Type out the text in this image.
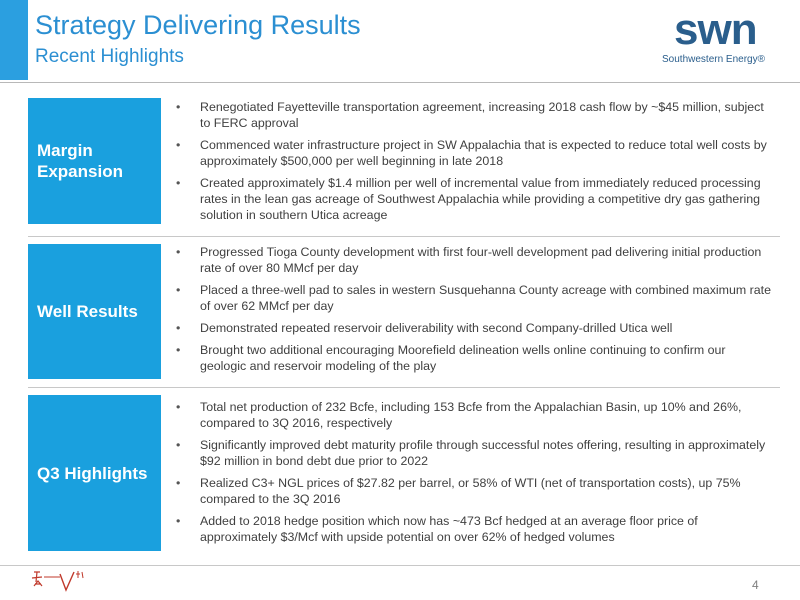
Strategy Delivering Results
Recent Highlights
swn
Southwestern Energy®
Margin
Expansion
• Renegotiated Fayetteville transportation agreement, increasing 2018 cash flow by ~$45 million, subject to FERC approval
• Commenced water infrastructure project in SW Appalachia that is expected to reduce total well costs by approximately $500,000 per well beginning in late 2018
• Created approximately $1.4 million per well of incremental value from immediately reduced processing rates in the lean gas acreage of Southwest Appalachia while providing a competitive dry gas gathering solution in southern Utica acreage
Well Results
• Progressed Tioga County development with first four-well development pad delivering initial production rate of over 80 MMcf per day
• Placed a three-well pad to sales in western Susquehanna County acreage with combined maximum rate of over 62 MMcf per day
• Demonstrated repeated reservoir deliverability with second Company-drilled Utica well
• Brought two additional encouraging Moorefield delineation wells online continuing to confirm our geologic and reservoir modeling of the play
Q3 Highlights
• Total net production of 232 Bcfe, including 153 Bcfe from the Appalachian Basin, up 10% and 26%, compared to 3Q 2016, respectively
• Significantly improved debt maturity profile through successful notes offering, resulting in approximately $92 million in bond debt due prior to 2022
• Realized C3+ NGL prices of $27.82 per barrel, or 58% of WTI (net of transportation costs), up 75% compared to the 3Q 2016
• Added to 2018 hedge position which now has ~473 Bcf hedged at an average floor price of approximately $3/Mcf with upside potential on over 62% of hedged volumes
4
